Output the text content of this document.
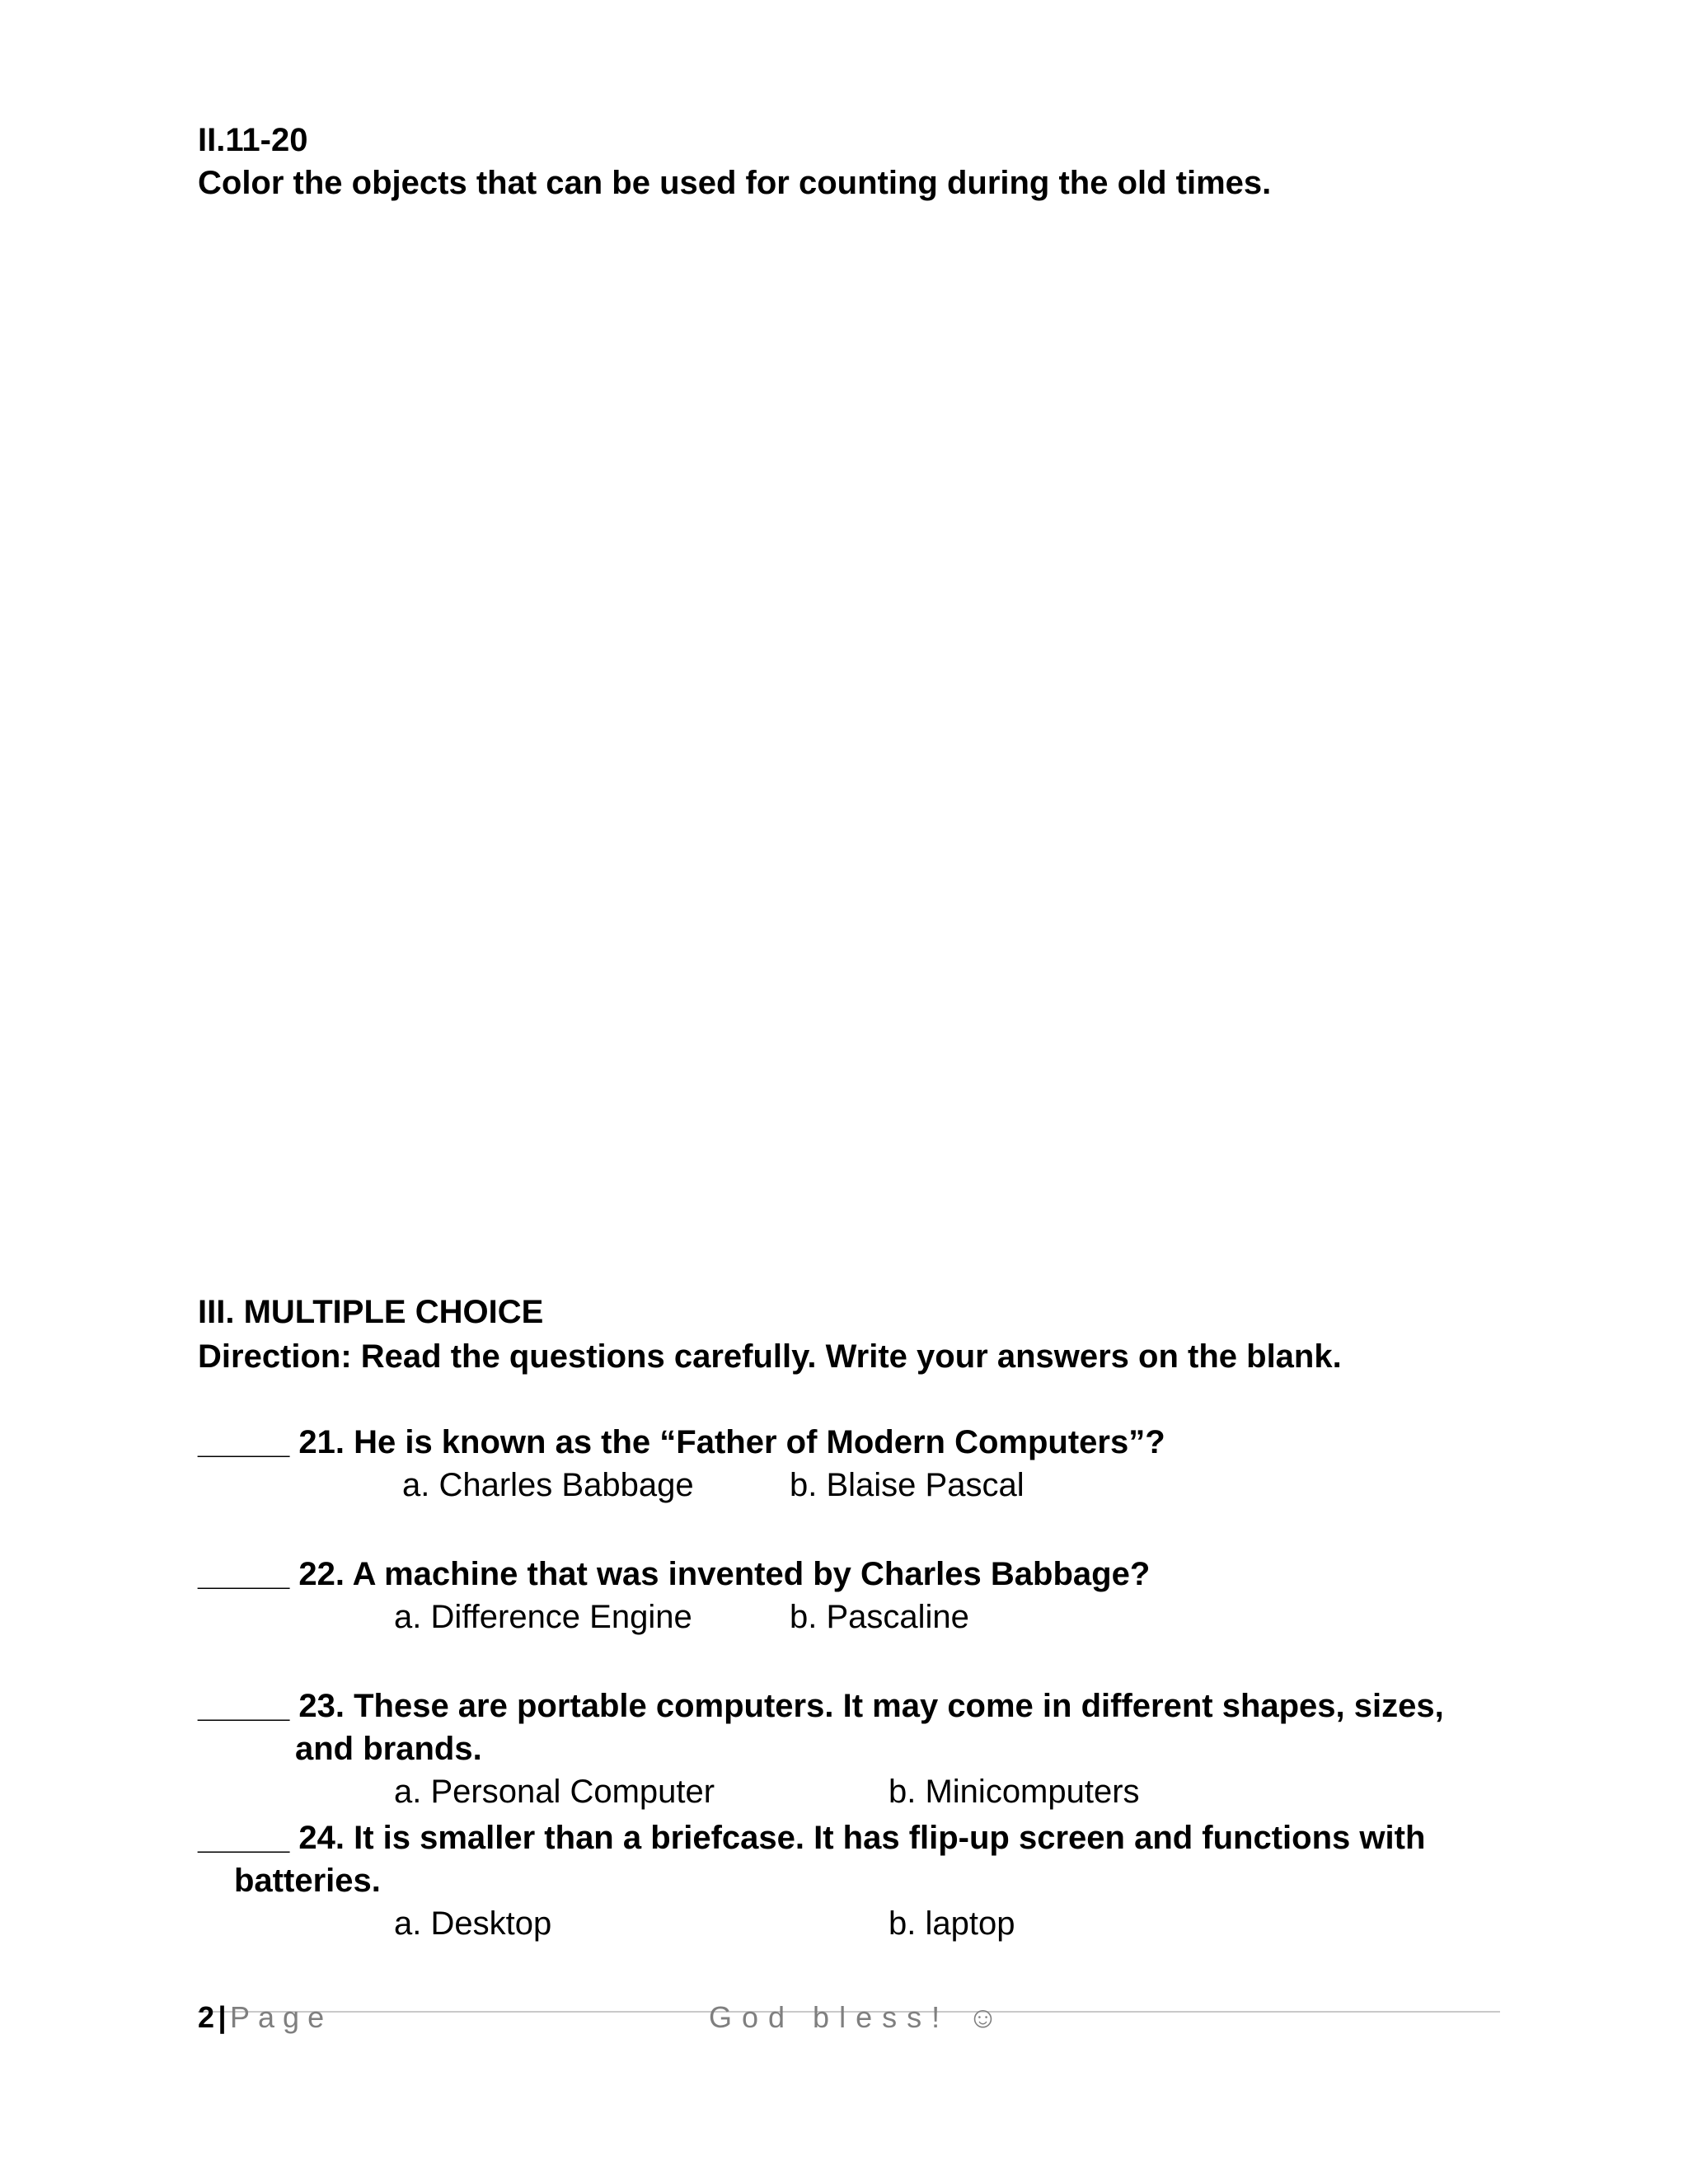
II.11-20
Color the objects that can be used for counting during the old times.
III. MULTIPLE CHOICE
Direction: Read the questions carefully. Write your answers on the blank.
_____ 21. He is known as the “Father of Modern Computers”?
a. Charles Babbage	b. Blaise Pascal
_____ 22. A machine that was invented by Charles Babbage?
a. Difference Engine	b. Pascaline
_____ 23. These are portable computers. It may come in different shapes, sizes,
and brands.
a. Personal Computer	b. Minicomputers
_____ 24. It is smaller than a briefcase. It has flip-up screen and functions with
batteries.
a. Desktop	b. laptop
2 | Page	God bless! ☺
